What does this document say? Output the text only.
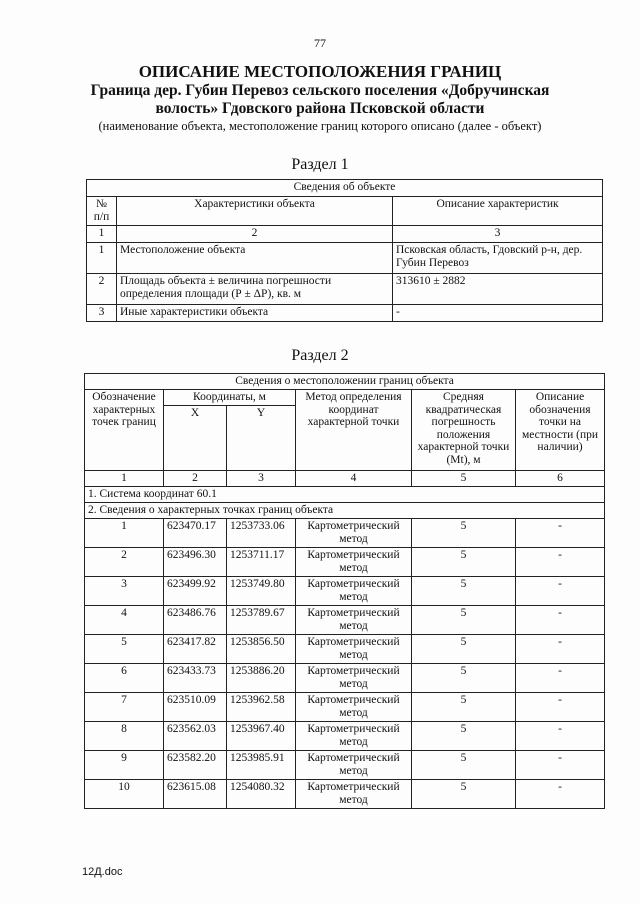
77
ОПИСАНИЕ МЕСТОПОЛОЖЕНИЯ ГРАНИЦ
Граница дер. Губин Перевоз сельского поселения «Добручинская
волость» Гдовского района Псковской области
(наименование объекта, местоположение границ которого описано (далее - объект)
Раздел 1
Сведения об объекте		
№ п/п	Характеристики объекта	Описание характеристик
1	2	3
1	Местоположение объекта	Псковская область, Гдовский р-н, дер. Губин Перевоз
2	Площадь объекта ± величина погрешности определения площади (Р ± ΔР), кв. м	313610 ± 2882
3	Иные характеристики объекта	-
Раздел 2
Сведения о местоположении границ объекта					
Обозначение характерных точек границ	Координаты, м		Метод определения координат характерной точки	Средняя квадратическая погрешность положения характерной точки (Мt), м	Описание обозначения точки на местности (при наличии)
	X	Y			
1	2	3	4	5	6
1. Система координат 60.1					
2. Сведения о характерных точках границ объекта					
1	623470.17	1253733.06	Картометрический метод	5	-
2	623496.30	1253711.17	Картометрический метод	5	-
3	623499.92	1253749.80	Картометрический метод	5	-
4	623486.76	1253789.67	Картометрический метод	5	-
5	623417.82	1253856.50	Картометрический метод	5	-
6	623433.73	1253886.20	Картометрический метод	5	-
7	623510.09	1253962.58	Картометрический метод	5	-
8	623562.03	1253967.40	Картометрический метод	5	-
9	623582.20	1253985.91	Картометрический метод	5	-
10	623615.08	1254080.32	Картометрический метод	5	-
12Д.doc
